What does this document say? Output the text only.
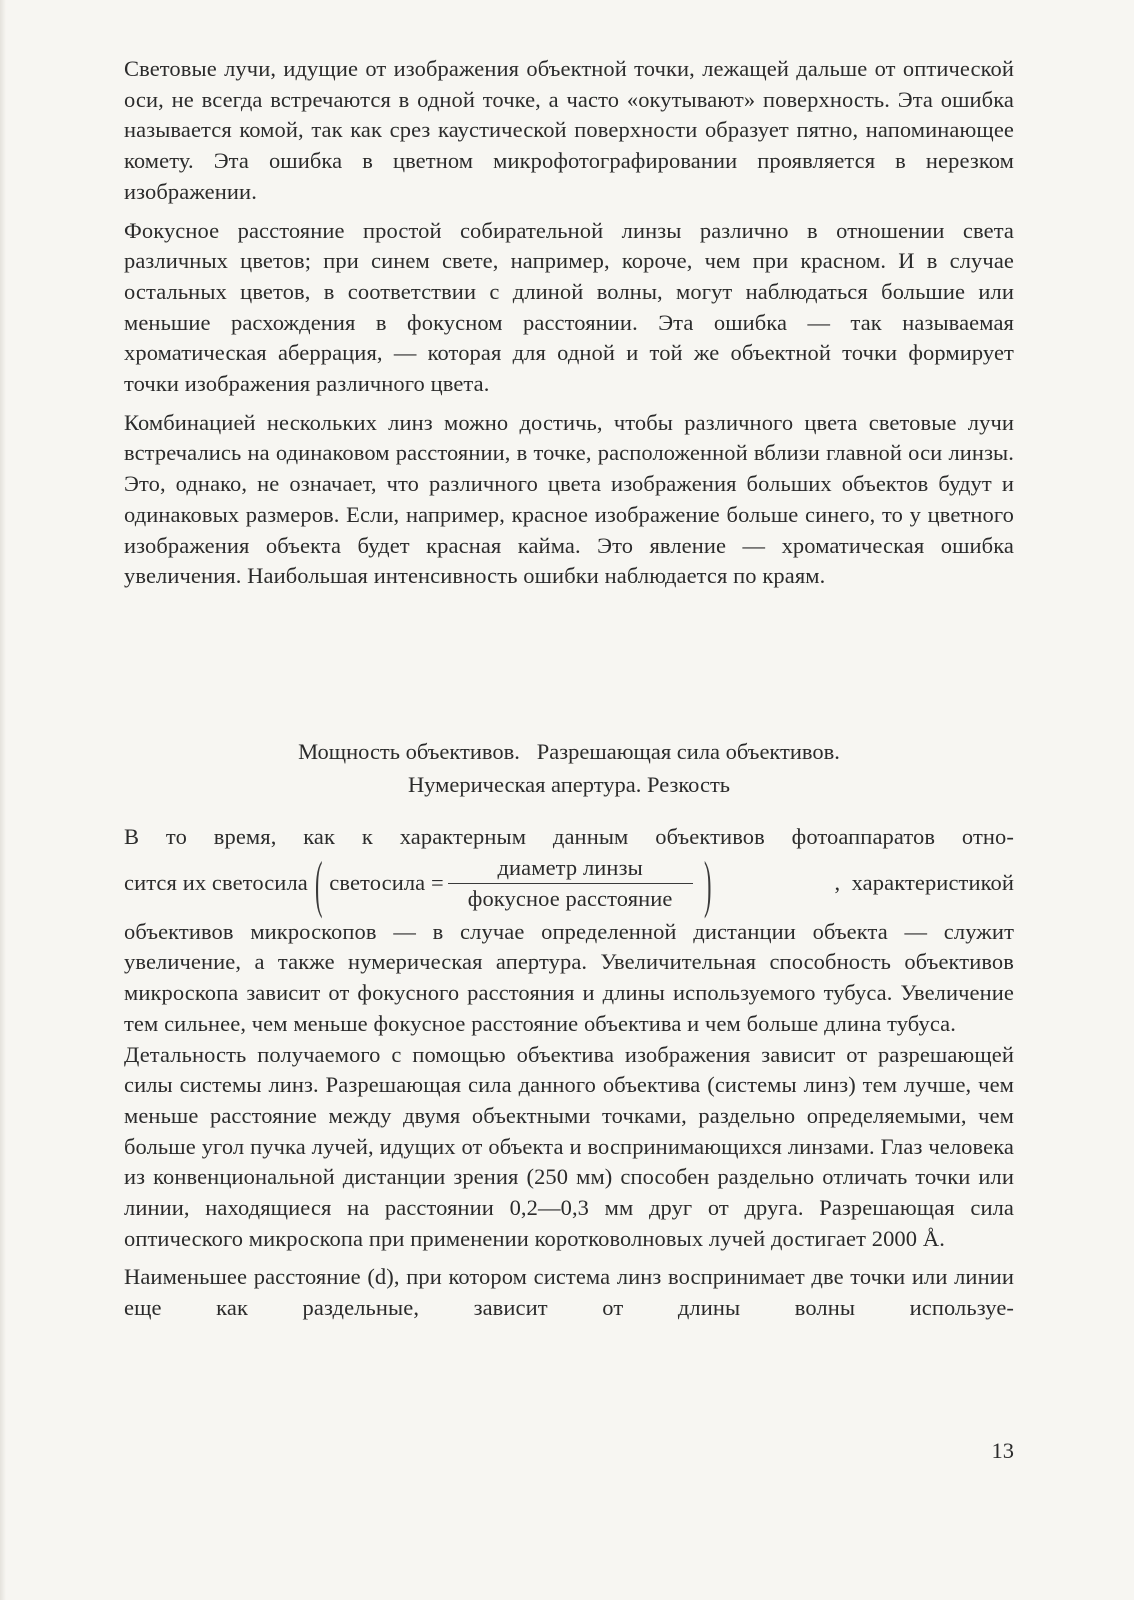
Световые лучи, идущие от изображения объектной точки, лежащей дальше от оптической оси, не всегда встречаются в одной точке, а часто «окутывают» поверхность. Эта ошибка называется комой, так как срез каустической поверхности образует пятно, напоминающее комету. Эта ошибка в цветном микрофотографировании проявляется в нерезком изображении.

Фокусное расстояние простой собирательной линзы различно в отношении света различных цветов; при синем свете, например, короче, чем при красном. И в случае остальных цветов, в соответствии с длиной волны, могут наблюдаться большие или меньшие расхождения в фокусном расстоянии. Эта ошибка — так называемая хроматическая аберрация, — которая для одной и той же объектной точки формирует точки изображения различного цвета.

Комбинацией нескольких линз можно достичь, чтобы различного цвета световые лучи встречались на одинаковом расстоянии, в точке, расположенной вблизи главной оси линзы. Это, однако, не означает, что различного цвета изображения больших объектов будут и одинаковых размеров. Если, например, красное изображение больше синего, то у цветного изображения объекта будет красная кайма. Это явление — хроматическая ошибка увеличения. Наибольшая интенсивность ошибки наблюдается по краям.

Мощность объективов.   Разрешающая сила объективов.
Нумерическая апертура. Резкость
В то время, как к характерным данным объективов фотоаппаратов отно-
сится их светосила ( светосила = $\frac{\text{диаметр линзы}}{\text{фокусное расстояние}}$ )	,  характеристикой

объективов микроскопов — в случае определенной дистанции объекта — служит увеличение, а также нумерическая апертура. Увеличительная способность объективов микроскопа зависит от фокусного расстояния и длины используемого тубуса. Увеличение тем сильнее, чем меньше фокусное расстояние объектива и чем больше длина тубуса.

Детальность получаемого с помощью объектива изображения зависит от разрешающей силы системы линз. Разрешающая сила данного объектива (системы линз) тем лучше, чем меньше расстояние между двумя объектными точками, раздельно определяемыми, чем больше угол пучка лучей, идущих от объекта и воспринимающихся линзами. Глаз человека из конвенциональной дистанции зрения (250 мм) способен раздельно отличать точки или линии, находящиеся на расстоянии 0,2—0,3 мм друг от друга. Разрешающая сила оптического микроскопа при применении коротковолновых лучей достигает 2000 Å.

Наименьшее расстояние (d), при котором система линз воспринимает две точки или линии еще как раздельные, зависит от длины волны используе-

13
